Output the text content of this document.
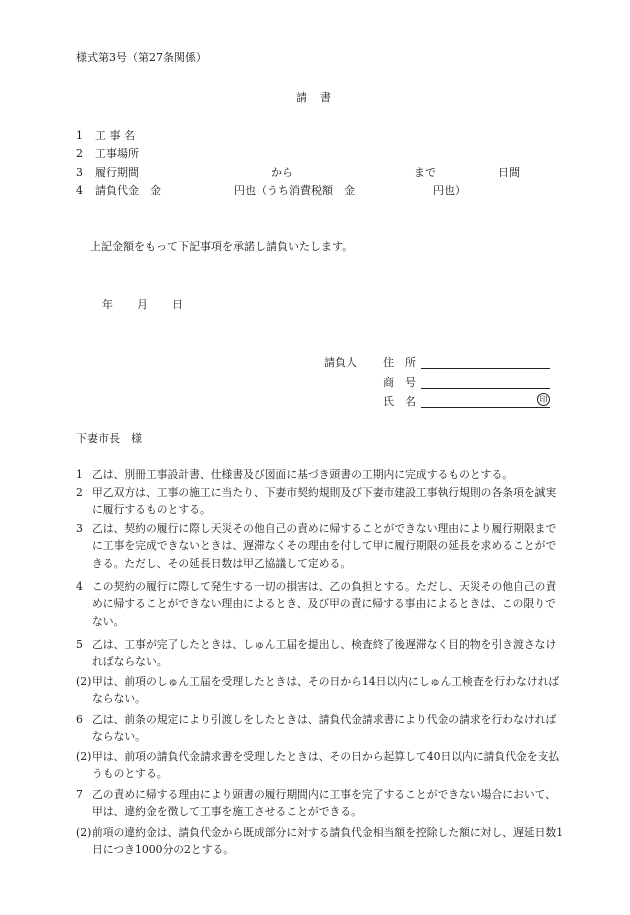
様式第3号（第27条関係）
請　書
1 工 事 名
2 工事場所
3 履行期間	から	まで	日間
4 請負代金　金	円也（うち消費税額　金	円也）
上記金額をもって下記事項を承諾し請負いたします。
年 月 日
請負人 住　所
商　号
氏　名	印
下妻市長　様
1 乙は、別冊工事設計書、仕様書及び図面に基づき頭書の工期内に完成するものとする。
2 甲乙双方は、工事の施工に当たり、下妻市契約規則及び下妻市建設工事執行規則の各条項を誠実に履行するものとする。
3 乙は、契約の履行に際し天災その他自己の責めに帰することができない理由により履行期限までに工事を完成できないときは、遅滞なくその理由を付して甲に履行期限の延長を求めることができる。ただし、その延長日数は甲乙協議して定める。
4 この契約の履行に際して発生する一切の損害は、乙の負担とする。ただし、天災その他自己の責めに帰することができない理由によるとき、及び甲の責に帰する事由によるときは、この限りでない。
5 乙は、工事が完了したときは、しゅん工届を提出し、検査終了後遅滞なく目的物を引き渡さなければならない。
(2) 甲は、前項のしゅん工届を受理したときは、その日から14日以内にしゅん工検査を行わなければならない。
6 乙は、前条の規定により引渡しをしたときは、請負代金請求書により代金の請求を行わなければならない。
(2) 甲は、前項の請負代金請求書を受理したときは、その日から起算して40日以内に請負代金を支払うものとする。
7 乙の責めに帰する理由により頭書の履行期間内に工事を完了することができない場合において、甲は、違約金を徴して工事を施工させることができる。
(2) 前項の違約金は、請負代金から既成部分に対する請負代金相当額を控除した額に対し、遅延日数1日につき1000分の2とする。
